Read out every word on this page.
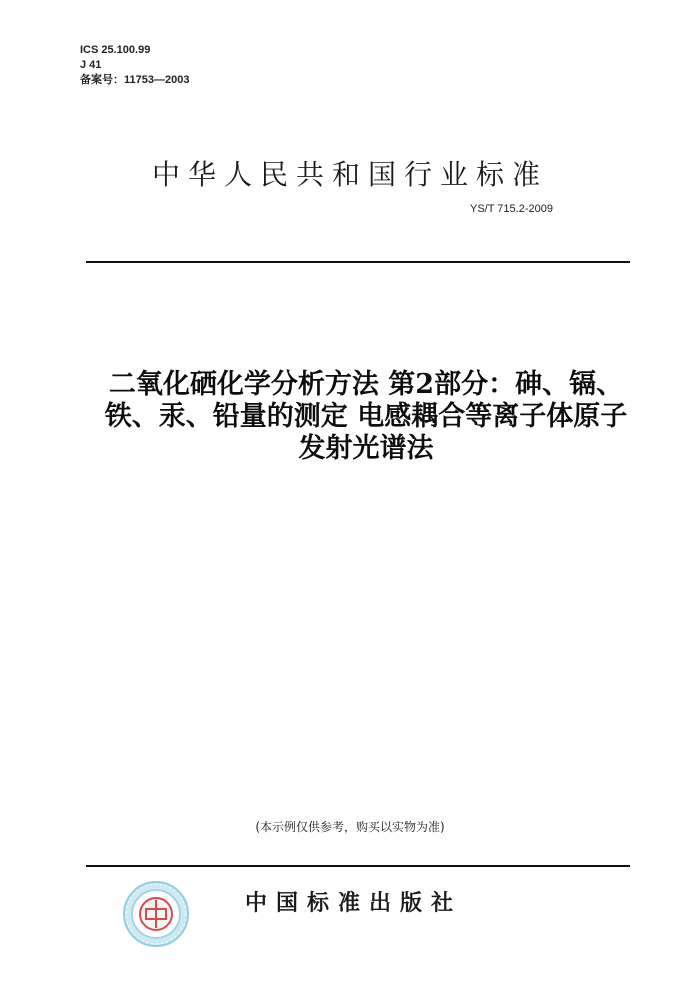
ICS 25.100.99
J 41
备案号：11753—2003
中华人民共和国行业标准
YS/T 715.2-2009
二氧化硒化学分析方法 第2部分：砷、镉、
铁、汞、铅量的测定 电感耦合等离子体原子
发射光谱法
(本示例仅供参考，购买以实物为准)
中国标准出版社
